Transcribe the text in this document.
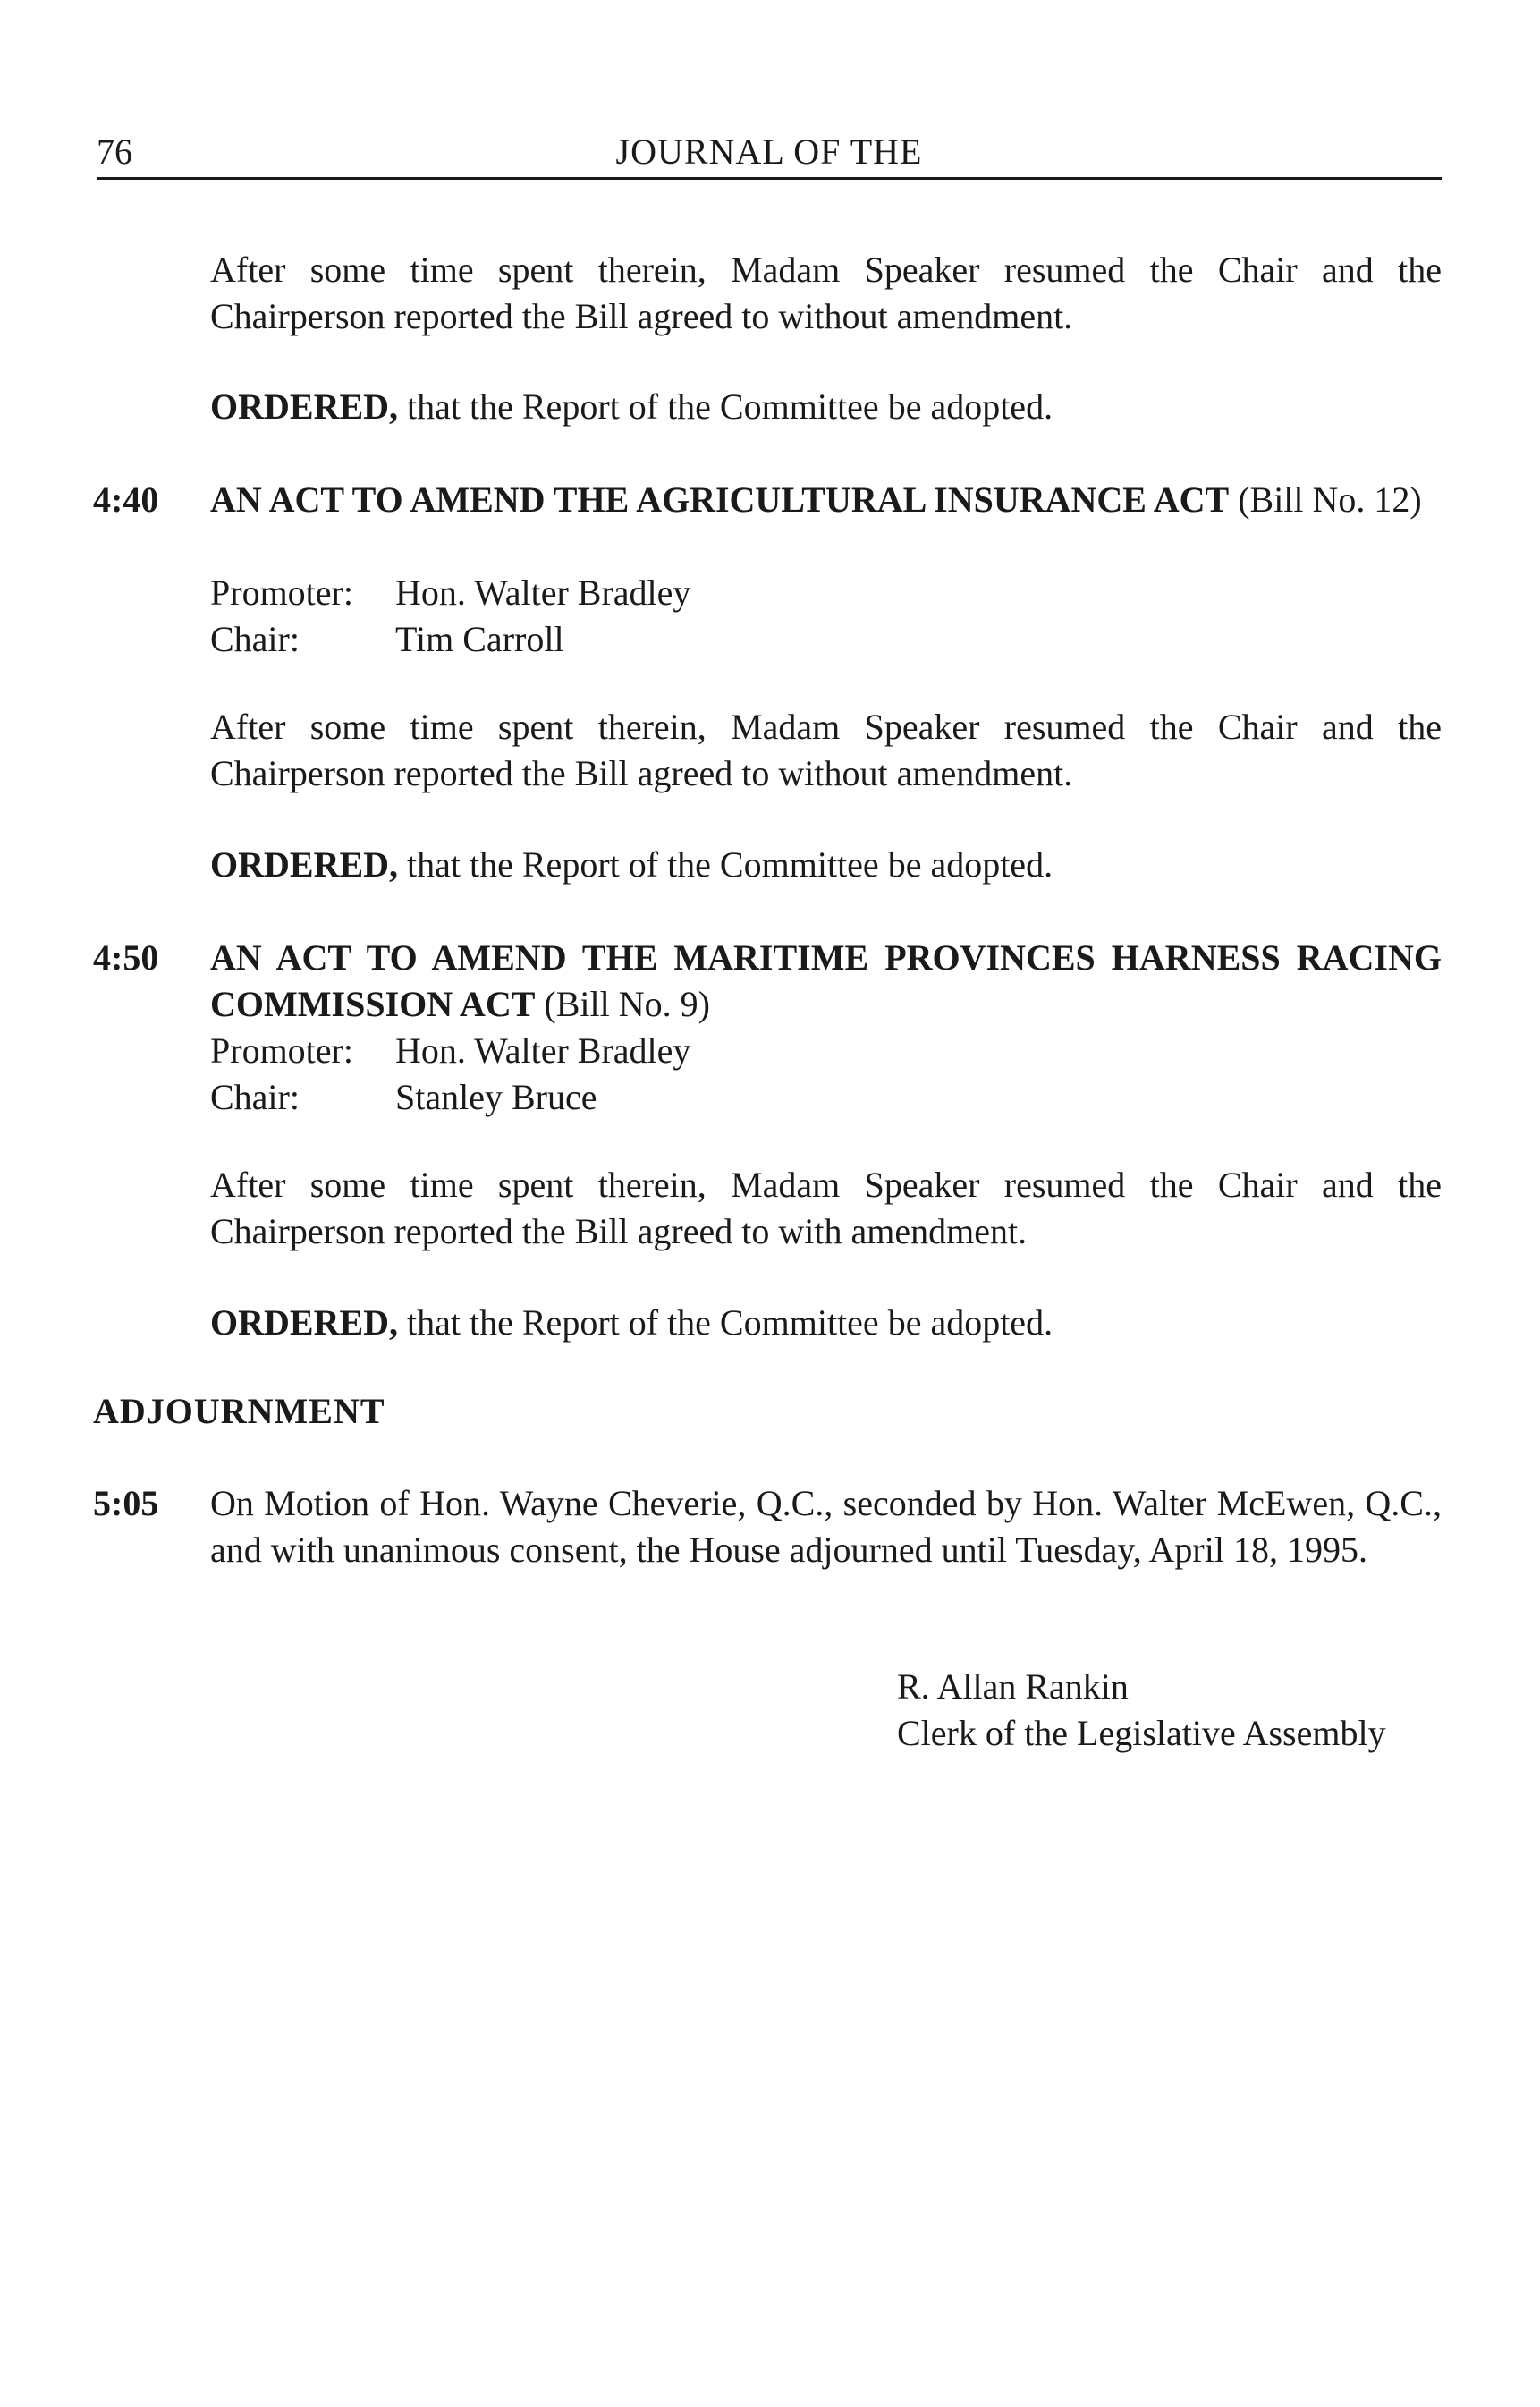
76	JOURNAL OF THE
After some time spent therein, Madam Speaker resumed the Chair and the Chairperson reported the Bill agreed to without amendment.
ORDERED, that the Report of the Committee be adopted.
4:40 AN ACT TO AMEND THE AGRICULTURAL INSURANCE ACT (Bill No. 12)
Promoter:	Hon. Walter Bradley
Chair:	Tim Carroll
After some time spent therein, Madam Speaker resumed the Chair and the Chairperson reported the Bill agreed to without amendment.
ORDERED, that the Report of the Committee be adopted.
4:50 AN ACT TO AMEND THE MARITIME PROVINCES HARNESS RACING COMMISSION ACT (Bill No. 9)
Promoter:	Hon. Walter Bradley
Chair:	Stanley Bruce
After some time spent therein, Madam Speaker resumed the Chair and the Chairperson reported the Bill agreed to with amendment.
ORDERED, that the Report of the Committee be adopted.
ADJOURNMENT
5:05 On Motion of Hon. Wayne Cheverie, Q.C., seconded by Hon. Walter McEwen, Q.C., and with unanimous consent, the House adjourned until Tuesday, April 18, 1995.
R. Allan Rankin
Clerk of the Legislative Assembly
